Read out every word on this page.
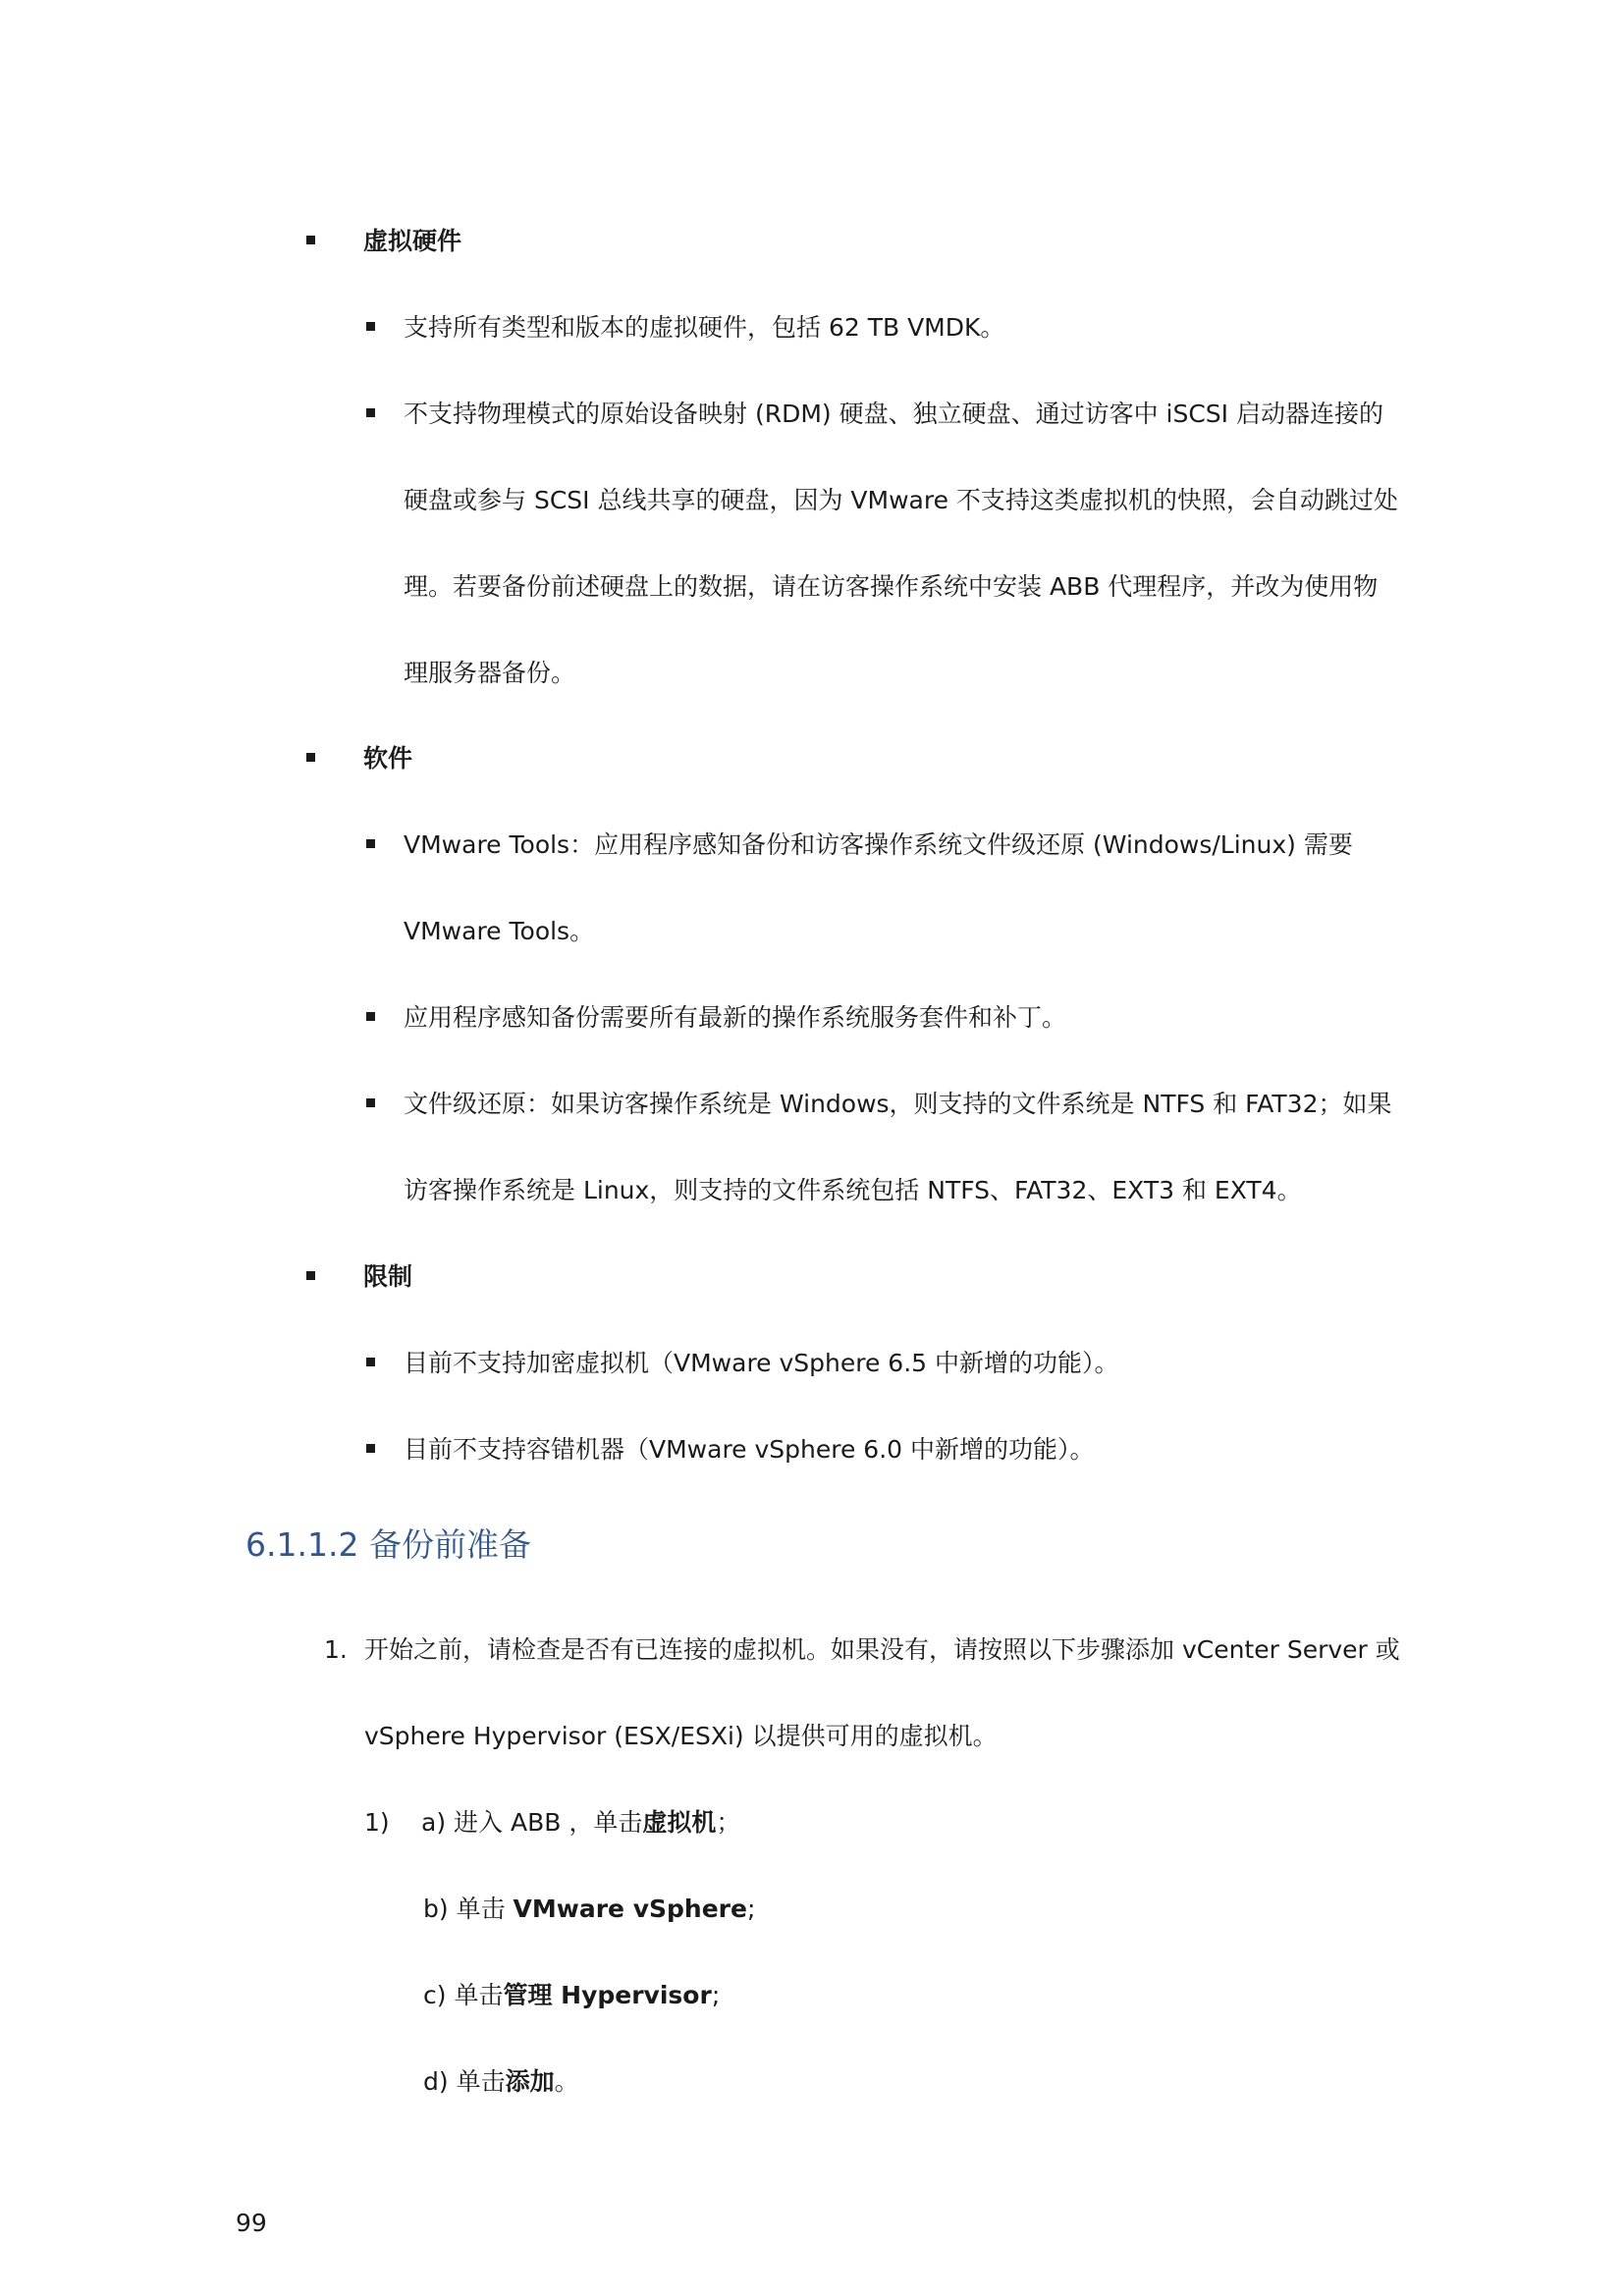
虚拟硬件
支持所有类型和版本的虚拟硬件，包括 62 TB VMDK。
不支持物理模式的原始设备映射 (RDM) 硬盘、独立硬盘、通过访客中 iSCSI 启动器连接的
硬盘或参与 SCSI 总线共享的硬盘，因为 VMware 不支持这类虚拟机的快照，会自动跳过处
理。若要备份前述硬盘上的数据，请在访客操作系统中安装 ABB 代理程序，并改为使用物
理服务器备份。
软件
VMware Tools：应用程序感知备份和访客操作系统文件级还原 (Windows/Linux) 需要
VMware Tools。
应用程序感知备份需要所有最新的操作系统服务套件和补丁。
文件级还原：如果访客操作系统是 Windows，则支持的文件系统是 NTFS 和 FAT32；如果
访客操作系统是 Linux，则支持的文件系统包括 NTFS、FAT32、EXT3 和 EXT4。
限制
目前不支持加密虚拟机（VMware vSphere 6.5 中新增的功能）。
目前不支持容错机器（VMware vSphere 6.0 中新增的功能）。
6.1.1.2 备份前准备
1. 开始之前，请检查是否有已连接的虚拟机。如果没有，请按照以下步骤添加 vCenter Server 或
vSphere Hypervisor (ESX/ESXi) 以提供可用的虚拟机。
1) a) 进入 ABB ，单击虚拟机；
b) 单击 VMware vSphere;
c) 单击管理 Hypervisor;
d) 单击添加。
99
